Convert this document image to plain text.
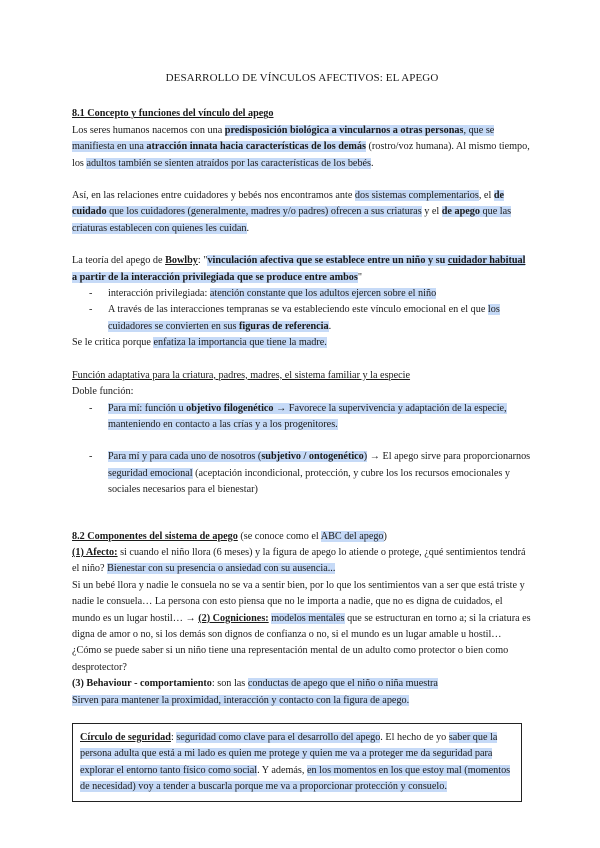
DESARROLLO DE VÍNCULOS AFECTIVOS: EL APEGO

8.1 Concepto y funciones del vínculo del apego

Los seres humanos nacemos con una predisposición biológica a vincularnos a otras personas, que se manifiesta en una atracción innata hacia características de los demás (rostro/voz humana). Al mismo tiempo, los adultos también se sienten atraídos por las características de los bebés.

Así, en las relaciones entre cuidadores y bebés nos encontramos ante dos sistemas complementarios, el de cuidado que los cuidadores (generalmente, madres y/o padres) ofrecen a sus criaturas y el de apego que las criaturas establecen con quienes les cuidan.

La teoría del apego de Bowlby: "vinculación afectiva que se establece entre un niño y su cuidador habitual a partir de la interacción privilegiada que se produce entre ambos"

- interacción privilegiada: atención constante que los adultos ejercen sobre el niño
- A través de las interacciones tempranas se va estableciendo este vínculo emocional en el que los cuidadores se convierten en sus figuras de referencia.

Se le critica porque enfatiza la importancia que tiene la madre.

Función adaptativa para la criatura, padres, madres, el sistema familiar y la especie

Doble función:

- Para mí: función u objetivo filogenético → Favorece la supervivencia y adaptación de la especie, manteniendo en contacto a las crías y a los progenitores.
- Para mí y para cada uno de nosotros (subjetivo / ontogenético) → El apego sirve para proporcionarnos seguridad emocional (aceptación incondicional, protección, y cubre los los recursos emocionales y sociales necesarios para el bienestar)

8.2 Componentes del sistema de apego (se conoce como el ABC del apego)

(1) Afecto: si cuando el niño llora (6 meses) y la figura de apego lo atiende o protege, ¿qué sentimientos tendrá el niño? Bienestar con su presencia o ansiedad con su ausencia...

Si un bebé llora y nadie le consuela no se va a sentir bien, por lo que los sentimientos van a ser que está triste y nadie le consuela… La persona con esto piensa que no le importa a nadie, que no es digna de cuidados, el mundo es un lugar hostil… → (2) Cogniciones: modelos mentales que se estructuran en torno a; si la criatura es digna de amor o no, si los demás son dignos de confianza o no, si el mundo es un lugar amable u hostil…

¿Cómo se puede saber si un niño tiene una representación mental de un adulto como protector o bien como desprotector?

(3) Behaviour - comportamiento: son las conductas de apego que el niño o niña muestra

Sirven para mantener la proximidad, interacción y contacto con la figura de apego.

Círculo de seguridad: seguridad como clave para el desarrollo del apego. El hecho de yo saber que la persona adulta que está a mi lado es quien me protege y quien me va a proteger me da seguridad para explorar el entorno tanto físico como social. Y además, en los momentos en los que estoy mal (momentos de necesidad) voy a tender a buscarla porque me va a proporcionar protección y consuelo.
